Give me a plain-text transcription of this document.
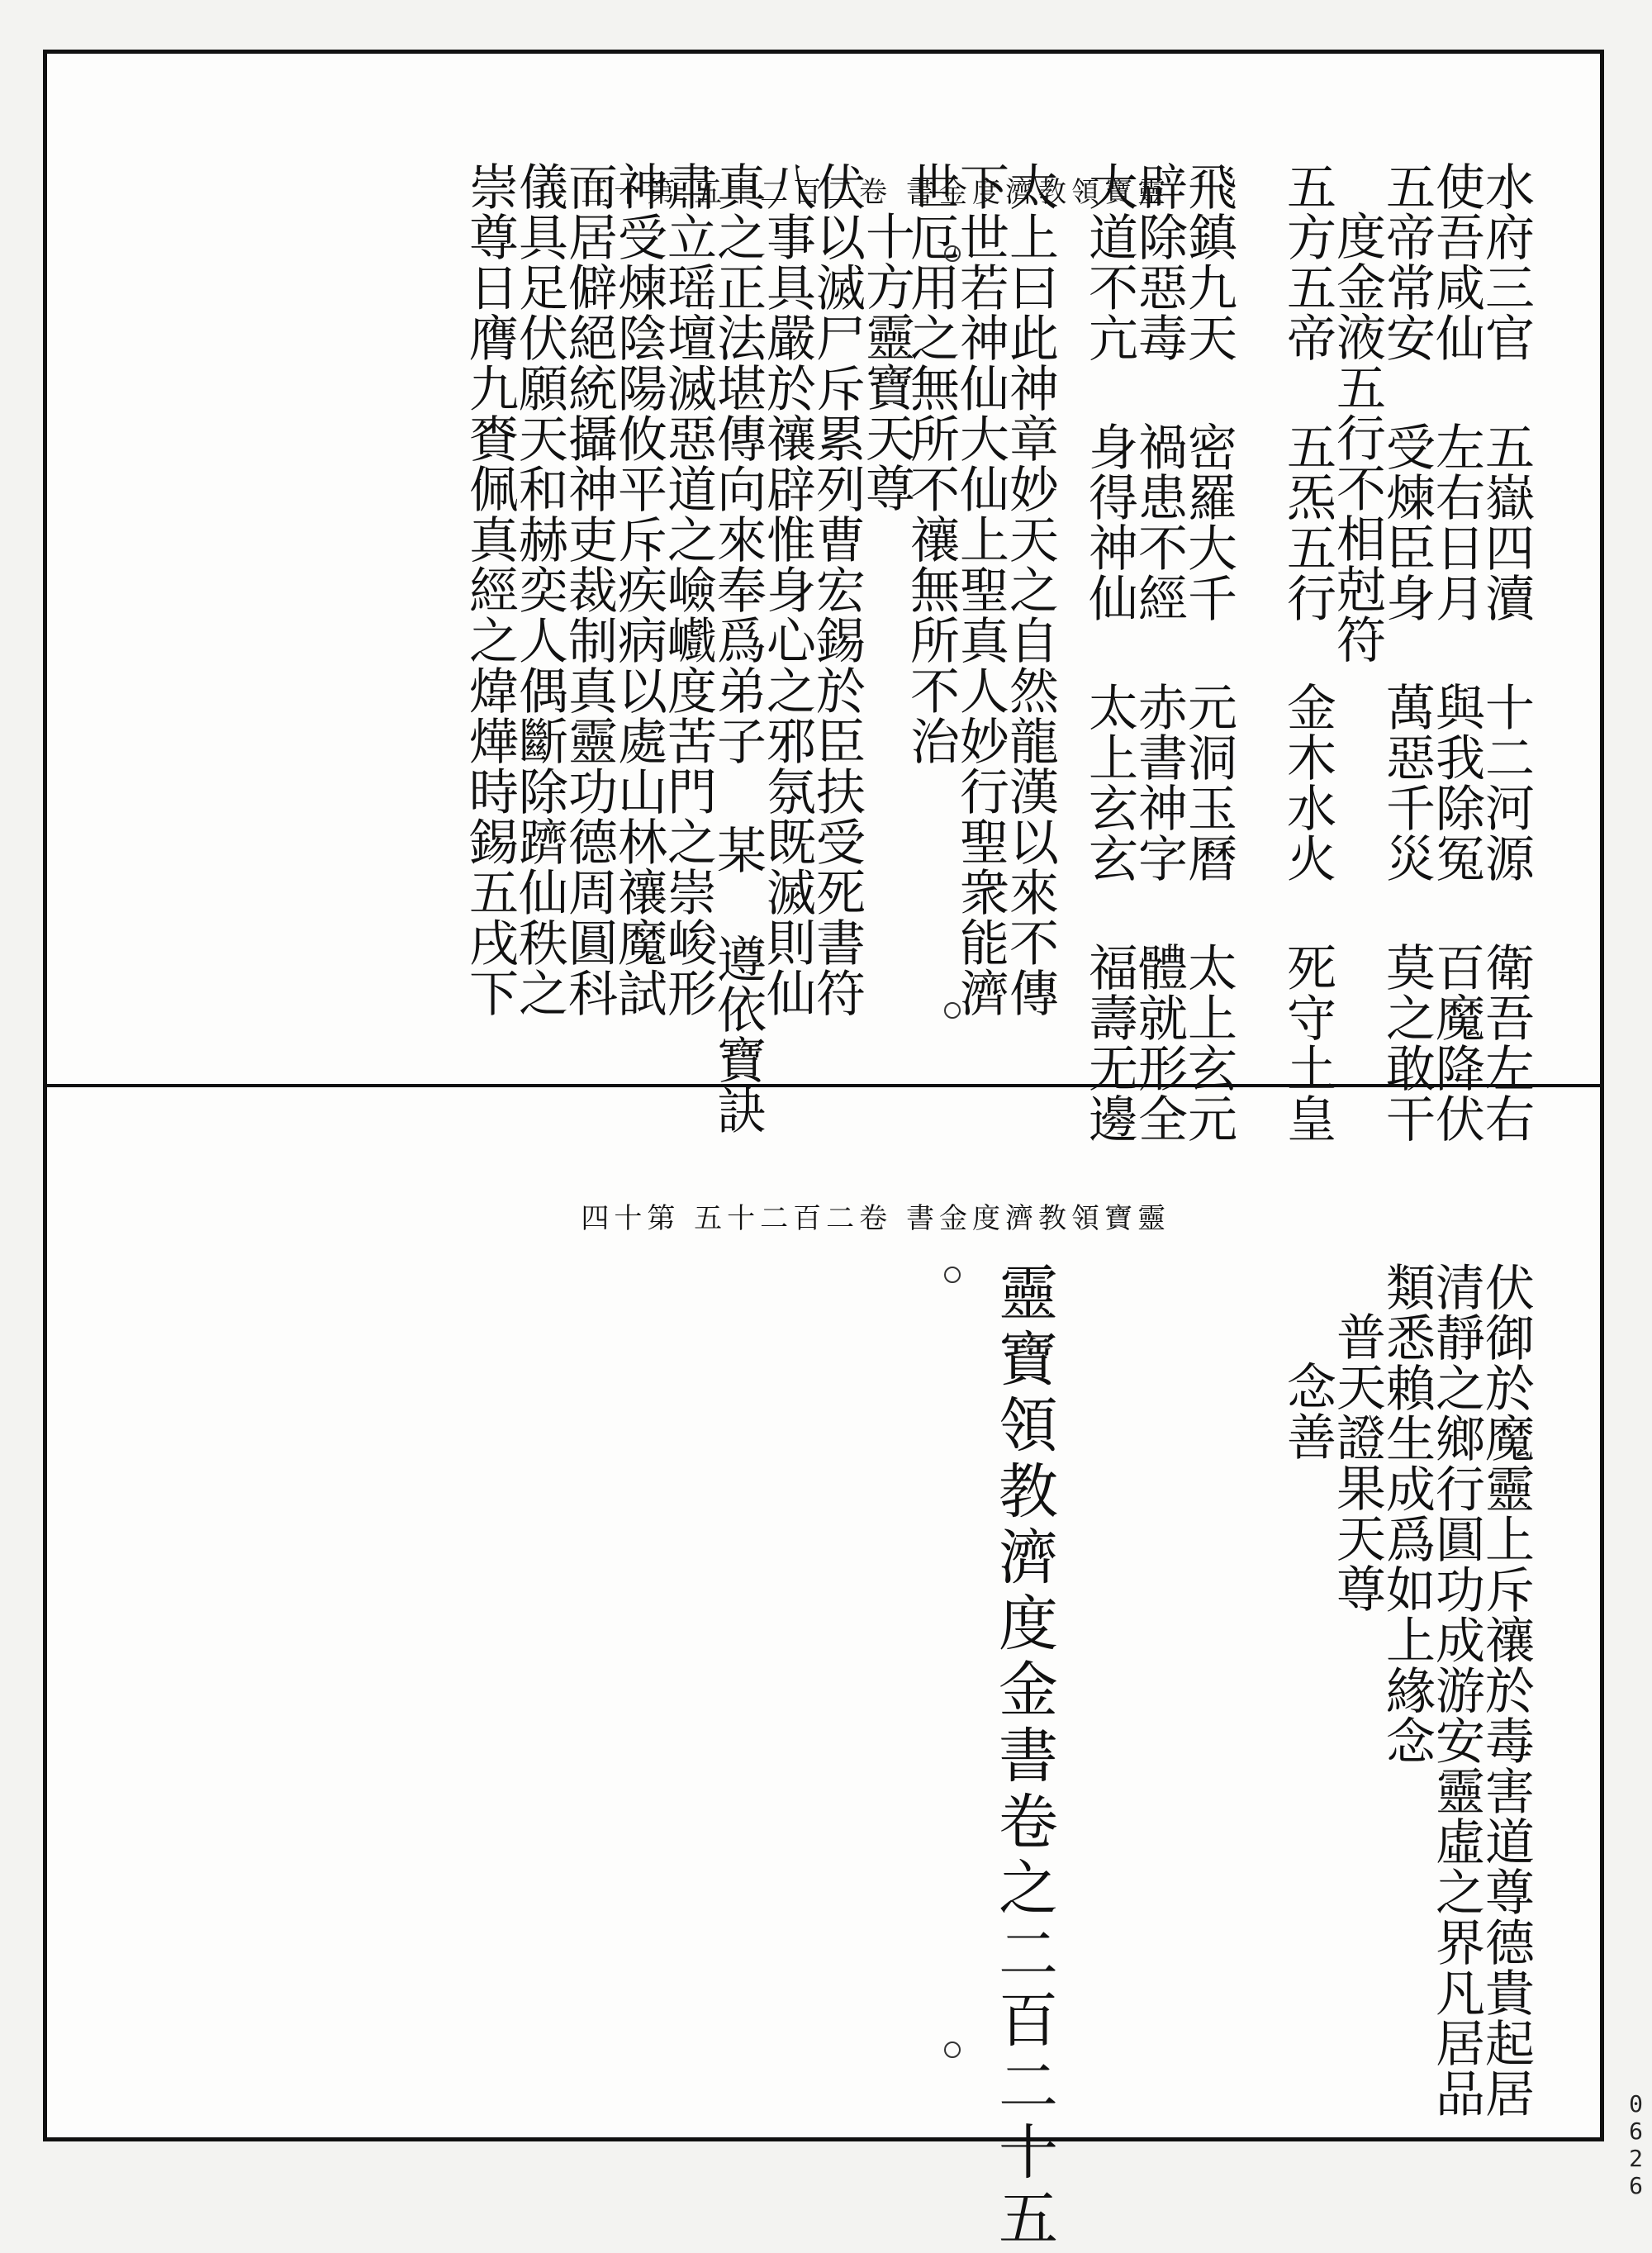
靈寶領教濟度金書 卷二百二十五 第十三	水府三官 五嶽四瀆 十二河源 衛吾左右
使吾咸仙 左右日月 與我除冤 百魔降伏
五帝常安 受煉臣身 萬惡千災 莫之敢干
度金液五行不相尅符
五方五帝 五炁五行 金木水火 死守土皇
飛鎮九天 密羅大千 元洞玉曆 太上玄元
辟除惡毒 禍患不經 赤書神字 體就形全
大道不亢 身得神仙 太上玄玄 福壽无邊
太上曰此神章妙天之自然龍漢以來不傳
下世若神仙大仙上聖真人妙行聖衆能濟
世厄用之無所不禳無所不治
十方靈寶天尊
伏以滅尸斥累列曹宏錫於臣扶受死書符
八事具嚴於禳辟惟身心之邪氛既滅則仙
真之正法堪傳向來奉爲弟子 某 遵依寶訣
肅立瑶壇滅惡道之嶮巇度苦門之崇峻形
神受煉陰陽攸平斥疾病以處山林禳魔試
而居僻絕統攝神吏裁制真靈功德周圓科
儀具足伏願天和赫奕人偶斷除躋仙秩之
崇尊日膺九賚佩真經之煒燁時錫五戌下
靈寶領教濟度金書 卷二百二十五 第十四
伏御於魔靈上斥禳於毒害道尊德貴起居
清靜之鄉行圓功成游安靈虛之界凡居品
類悉賴生成爲如上緣念
普天證果天尊
念善
靈寶領教濟度金書卷之二百二十五	0626
